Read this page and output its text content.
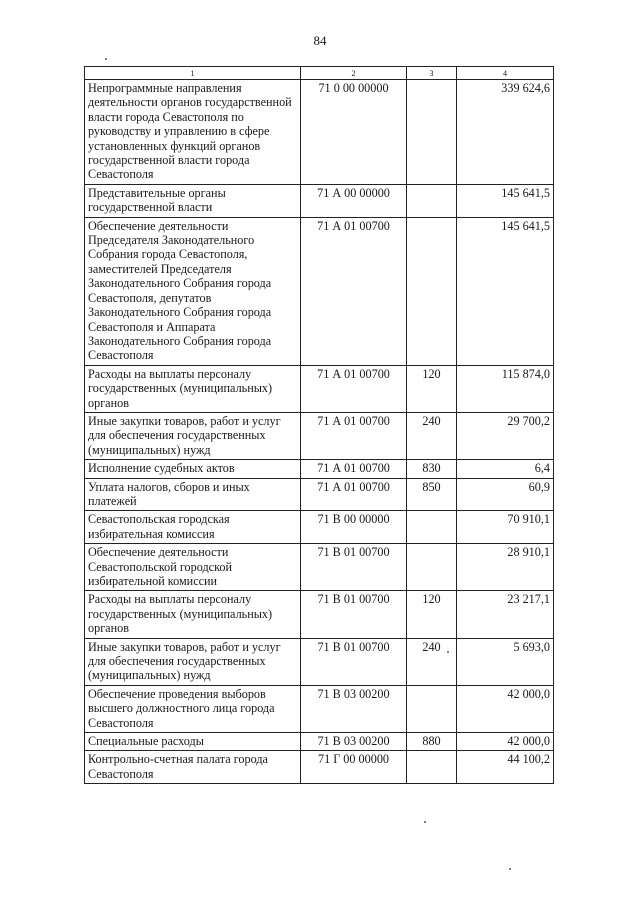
84
1	2	3	4
Непрограммные направления деятельности органов государственной власти города Севастополя по руководству и управлению в сфере установленных функций органов государственной власти города Севастополя	71 0 00 00000		339 624,6
Представительные органы государственной власти	71 А 00 00000		145 641,5
Обеспечение деятельности Председателя Законодательного Собрания города Севастополя, заместителей Председателя Законодательного Собрания города Севастополя, депутатов Законодательного Собрания города Севастополя и Аппарата Законодательного Собрания города Севастополя	71 А 01 00700		145 641,5
Расходы на выплаты персоналу государственных (муниципальных) органов	71 А 01 00700	120	115 874,0
Иные закупки товаров, работ и услуг для обеспечения государственных (муниципальных) нужд	71 А 01 00700	240	29 700,2
Исполнение судебных актов	71 А 01 00700	830	6,4
Уплата налогов, сборов и иных платежей	71 А 01 00700	850	60,9
Севастопольская городская избирательная комиссия	71 В 00 00000		70 910,1
Обеспечение деятельности Севастопольской городской избирательной комиссии	71 В 01 00700		28 910,1
Расходы на выплаты персоналу государственных (муниципальных) органов	71 В 01 00700	120	23 217,1
Иные закупки товаров, работ и услуг для обеспечения государственных (муниципальных) нужд	71 В 01 00700	240	5 693,0
Обеспечение проведения выборов высшего должностного лица города Севастополя	71 В 03 00200		42 000,0
Специальные расходы	71 В 03 00200	880	42 000,0
Контрольно-счетная палата города Севастополя	71 Г 00 00000		44 100,2
